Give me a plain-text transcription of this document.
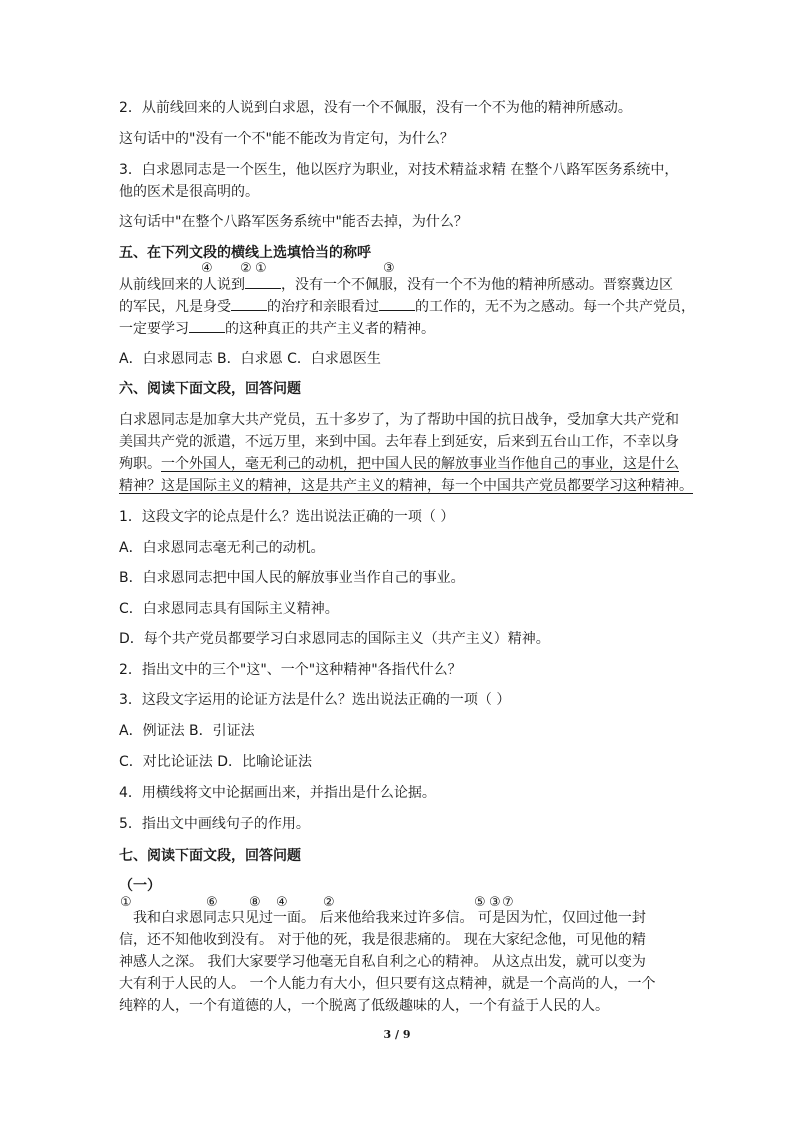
2．从前线回来的人说到白求恩，没有一个不佩服，没有一个不为他的精神所感动。
这句话中的"没有一个不"能不能改为肯定句，为什么？
3．白求恩同志是一个医生，他以医疗为职业，对技术精益求精 在整个八路军医务系统中，
他的医术是很高明的。
这句话中"在整个八路军医务系统中"能否去掉，为什么？
五、在下列文段的横线上选填恰当的称呼
④ ② ①	③
从前线回来的人说到	，没有一个不佩服，没有一个不为他的精神所感动。晋察冀边区
的军民，凡是身受	的治疗和亲眼看过	的工作的，无不为之感动。每一个共产党员，
一定要学习	的这种真正的共产主义者的精神。
A．白求恩同志 B．白求恩 C．白求恩医生
六、阅读下面文段，回答问题
白求恩同志是加拿大共产党员，五十多岁了，为了帮助中国的抗日战争，受加拿大共产党和
美国共产党的派遣，不远万里，来到中国。去年春上到延安，后来到五台山工作，不幸以身
殉职。一个外国人，毫无利己的动机，把中国人民的解放事业当作他自己的事业，这是什么
精神？这是国际主义的精神，这是共产主义的精神，每一个中国共产党员都要学习这种精神。
1．这段文字的论点是什么？选出说法正确的一项（ ）
A．白求恩同志毫无利己的动机。
B．白求恩同志把中国人民的解放事业当作自己的事业。
C．白求恩同志具有国际主义精神。
D．每个共产党员都要学习白求恩同志的国际主义（共产主义）精神。
2．指出文中的三个"这"、一个"这种精神"各指代什么？
3．这段文字运用的论证方法是什么？选出说法正确的一项（ ）
A．例证法 B．引证法
C．对比论证法 D．比喻论证法
4．用横线将文中论据画出来，并指出是什么论据。
5．指出文中画线句子的作用。
七、阅读下面文段，回答问题
（一）
①	⑥ ⑧ ④	②	⑤ ③ ⑦
我和白求恩同志只见过一面。 后来他给我来过许多信。 可是因为忙，仅回过他一封
信，还不知他收到没有。 对于他的死，我是很悲痛的。 现在大家纪念他，可见他的精
神感人之深。 我们大家要学习他毫无自私自利之心的精神。 从这点出发，就可以变为
大有利于人民的人。 一个人能力有大小，但只要有这点精神，就是一个高尚的人，一个
纯粹的人，一个有道德的人，一个脱离了低级趣味的人，一个有益于人民的人。
3 / 9
